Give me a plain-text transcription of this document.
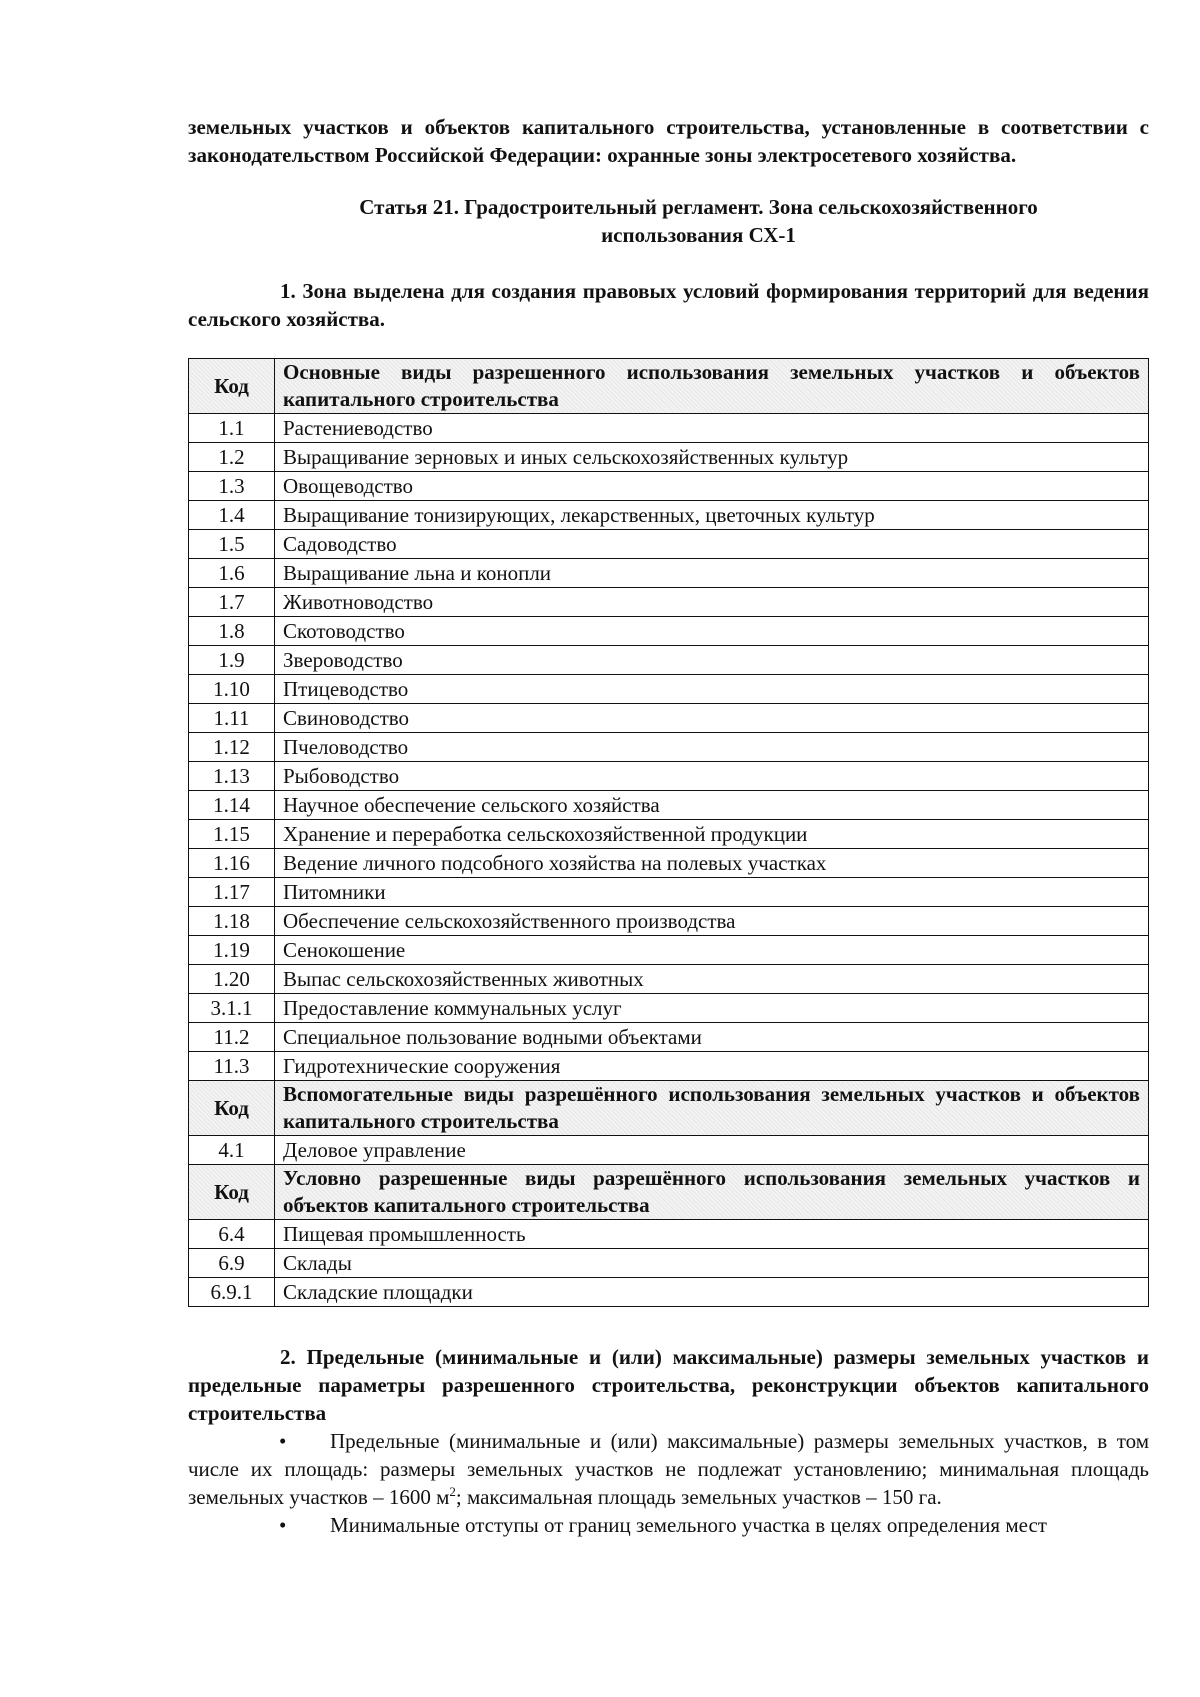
земельных участков и объектов капитального строительства, установленные в соответствии с законодательством Российской Федерации: охранные зоны электросетевого хозяйства.

Статья 21. Градостроительный регламент. Зона сельскохозяйственного
использования СХ-1

1. Зона выделена для создания правовых условий формирования территорий для ведения сельского хозяйства.

Код	Основные виды разрешенного использования земельных участков и объектов капитального строительства
1.1	Растениеводство
1.2	Выращивание зерновых и иных сельскохозяйственных культур
1.3	Овощеводство
1.4	Выращивание тонизирующих, лекарственных, цветочных культур
1.5	Садоводство
1.6	Выращивание льна и конопли
1.7	Животноводство
1.8	Скотоводство
1.9	Звероводство
1.10	Птицеводство
1.11	Свиноводство
1.12	Пчеловодство
1.13	Рыбоводство
1.14	Научное обеспечение сельского хозяйства
1.15	Хранение и переработка сельскохозяйственной продукции
1.16	Ведение личного подсобного хозяйства на полевых участках
1.17	Питомники
1.18	Обеспечение сельскохозяйственного производства
1.19	Сенокошение
1.20	Выпас сельскохозяйственных животных
3.1.1	Предоставление коммунальных услуг
11.2	Специальное пользование водными объектами
11.3	Гидротехнические сооружения
Код	Вспомогательные виды разрешённого использования земельных участков и объектов капитального строительства
4.1	Деловое управление
Код	Условно разрешенные виды разрешённого использования земельных участков и объектов капитального строительства
6.4	Пищевая промышленность
6.9	Склады
6.9.1	Складские площадки

2. Предельные (минимальные и (или) максимальные) размеры земельных участков и предельные параметры разрешенного строительства, реконструкции объектов капитального строительства

• Предельные (минимальные и (или) максимальные) размеры земельных участков, в том числе их площадь: размеры земельных участков не подлежат установлению; минимальная площадь земельных участков – 1600 $м^2$; максимальная площадь земельных участков – 150 га.

• Минимальные отступы от границ земельного участка в целях определения мест
